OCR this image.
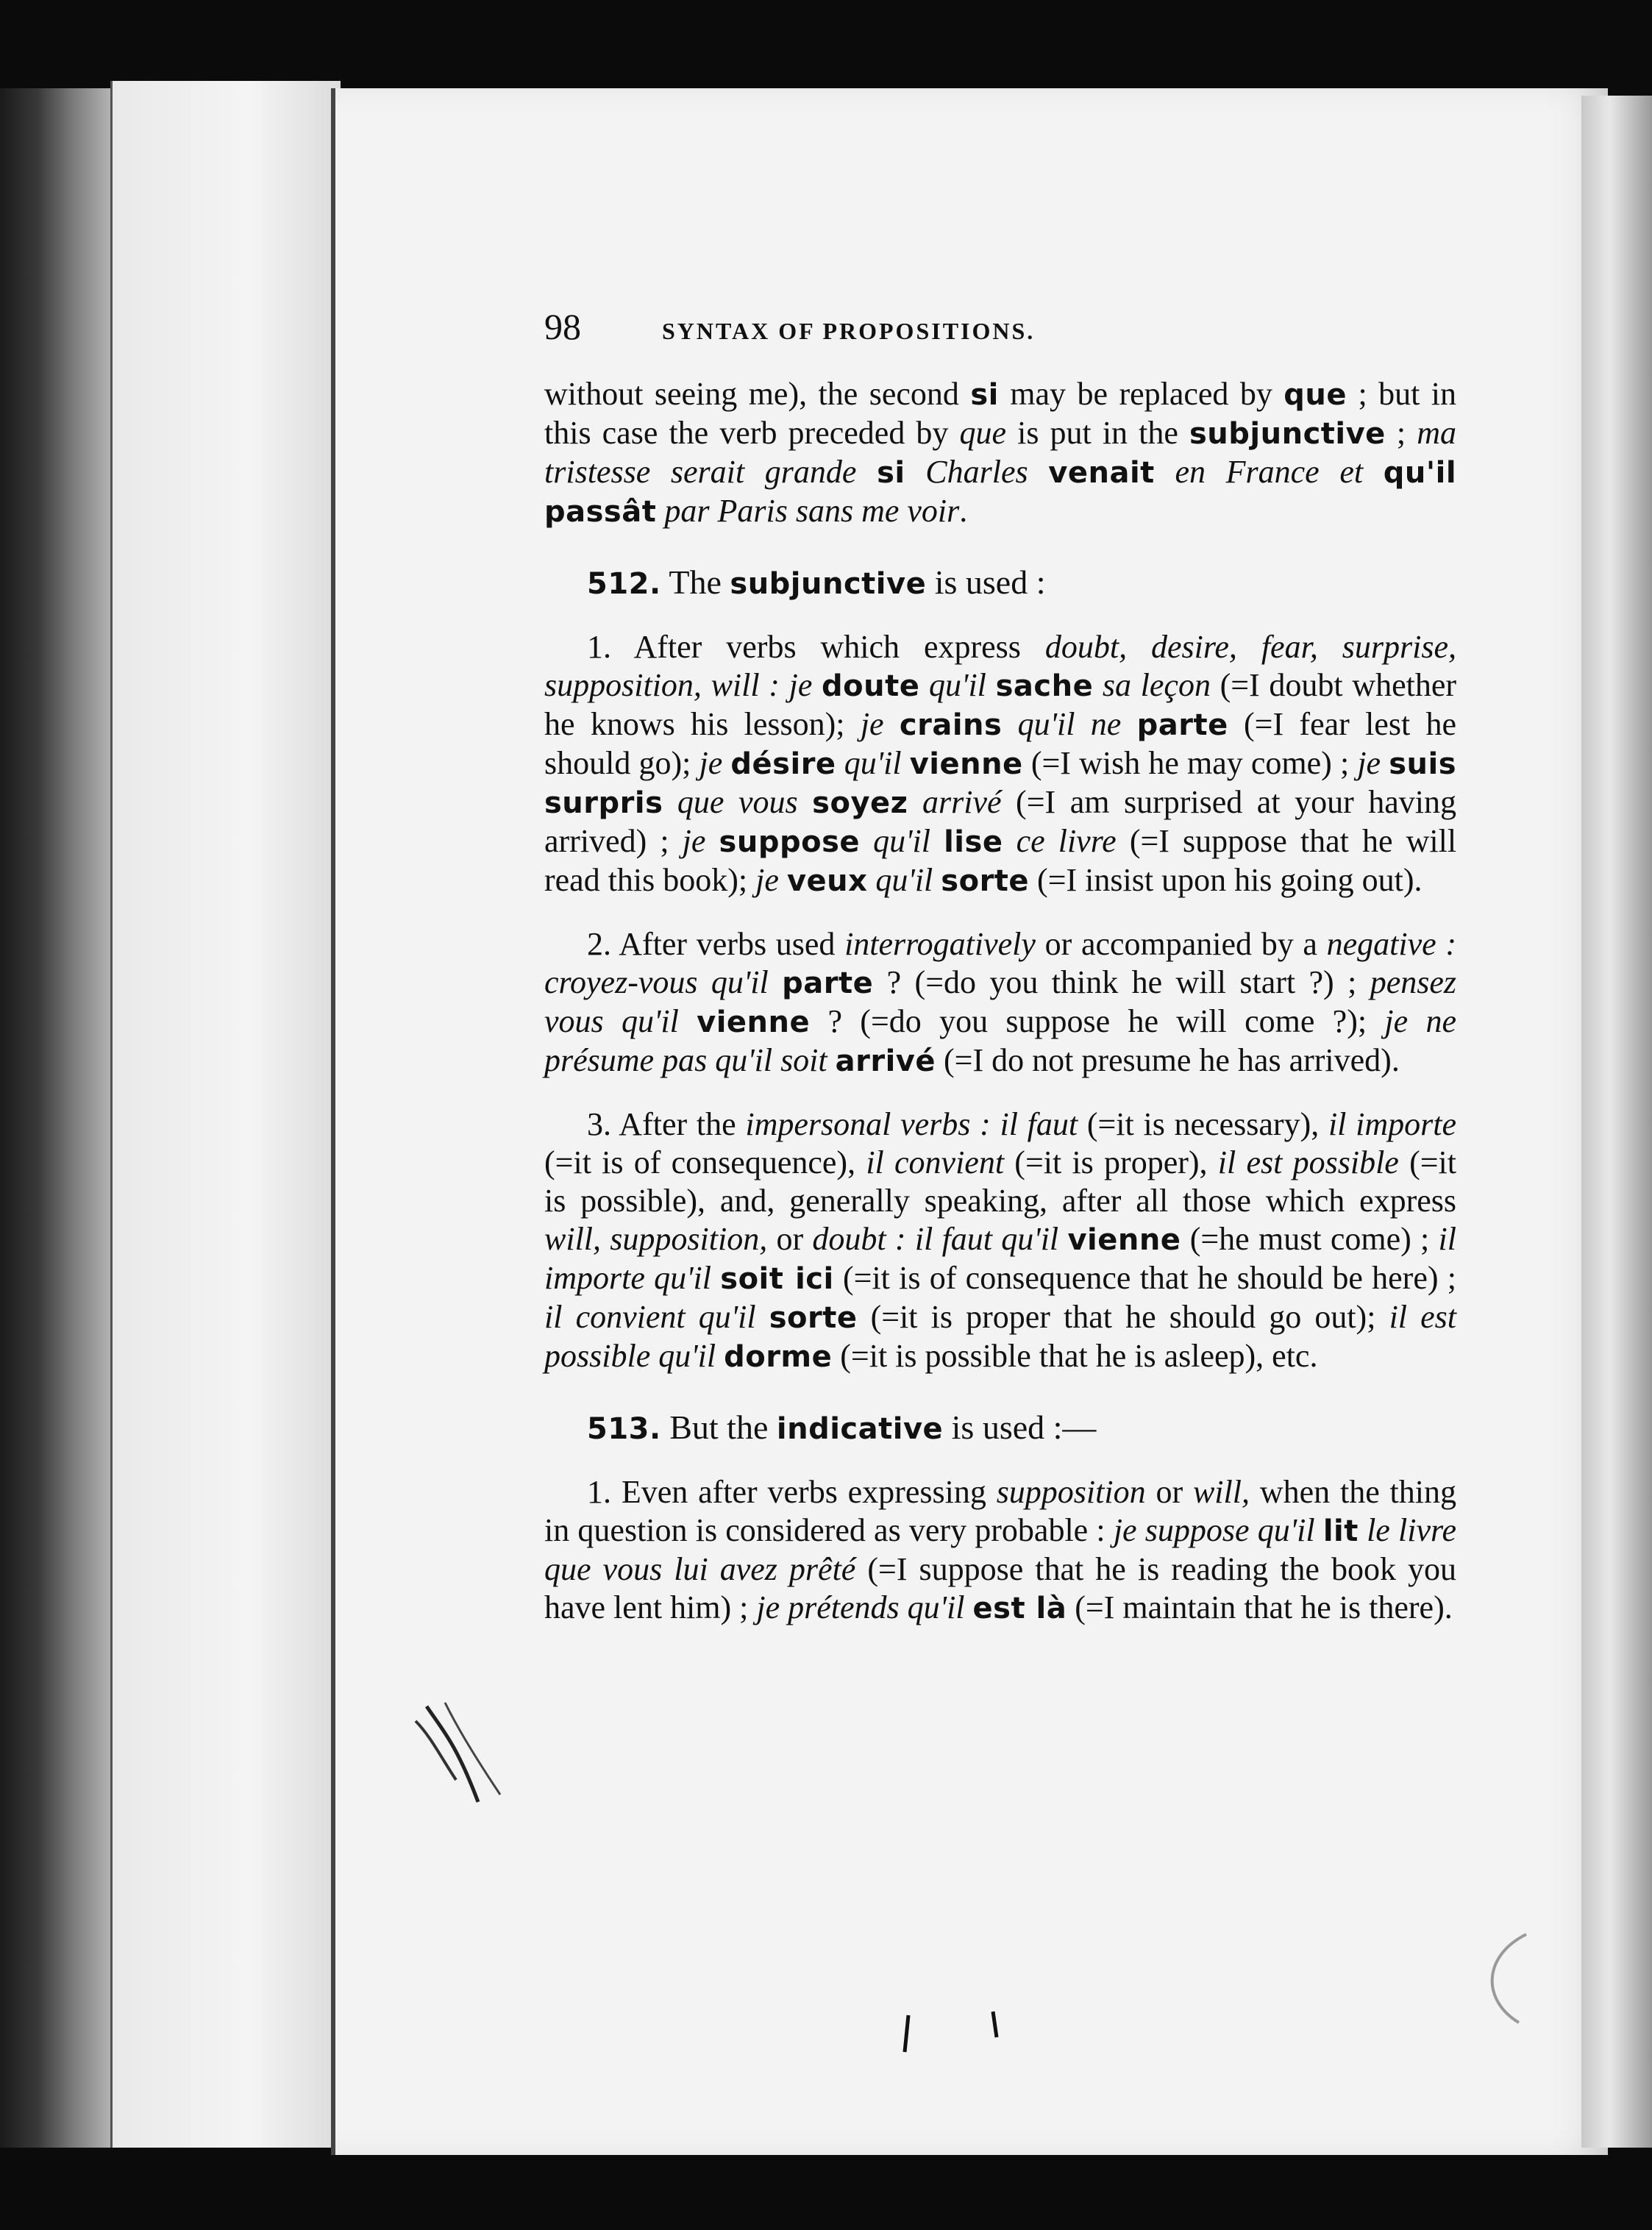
98	SYNTAX OF PROPOSITIONS.

without seeing me), the second si may be replaced by que ; but in this case the verb preceded by que is put in the subjunctive ; ma tristesse serait grande si Charles venait en France et qu'il passât par Paris sans me voir.

512. The subjunctive is used :

1. After verbs which express doubt, desire, fear, surprise, supposition, will : je doute qu'il sache sa leçon (=I doubt whether he knows his lesson); je crains qu'il ne parte (=I fear lest he should go); je désire qu'il vienne (=I wish he may come) ; je suis surpris que vous soyez arrivé (=I am surprised at your having arrived) ; je suppose qu'il lise ce livre (=I suppose that he will read this book); je veux qu'il sorte (=I insist upon his going out).

2. After verbs used interrogatively or accompanied by a negative : croyez-vous qu'il parte ? (=do you think he will start ?) ; pensez vous qu'il vienne ? (=do you suppose he will come ?); je ne présume pas qu'il soit arrivé (=I do not presume he has arrived).

3. After the impersonal verbs : il faut (=it is necessary), il importe (=it is of consequence), il convient (=it is proper), il est possible (=it is possible), and, generally speaking, after all those which express will, supposition, or doubt : il faut qu'il vienne (=he must come) ; il importe qu'il soit ici (=it is of consequence that he should be here) ; il convient qu'il sorte (=it is proper that he should go out); il est possible qu'il dorme (=it is possible that he is asleep), etc.

513. But the indicative is used :—

1. Even after verbs expressing supposition or will, when the thing in question is considered as very probable : je suppose qu'il lit le livre que vous lui avez prêté (=I suppose that he is reading the book you have lent him) ; je prétends qu'il est là (=I maintain that he is there).
